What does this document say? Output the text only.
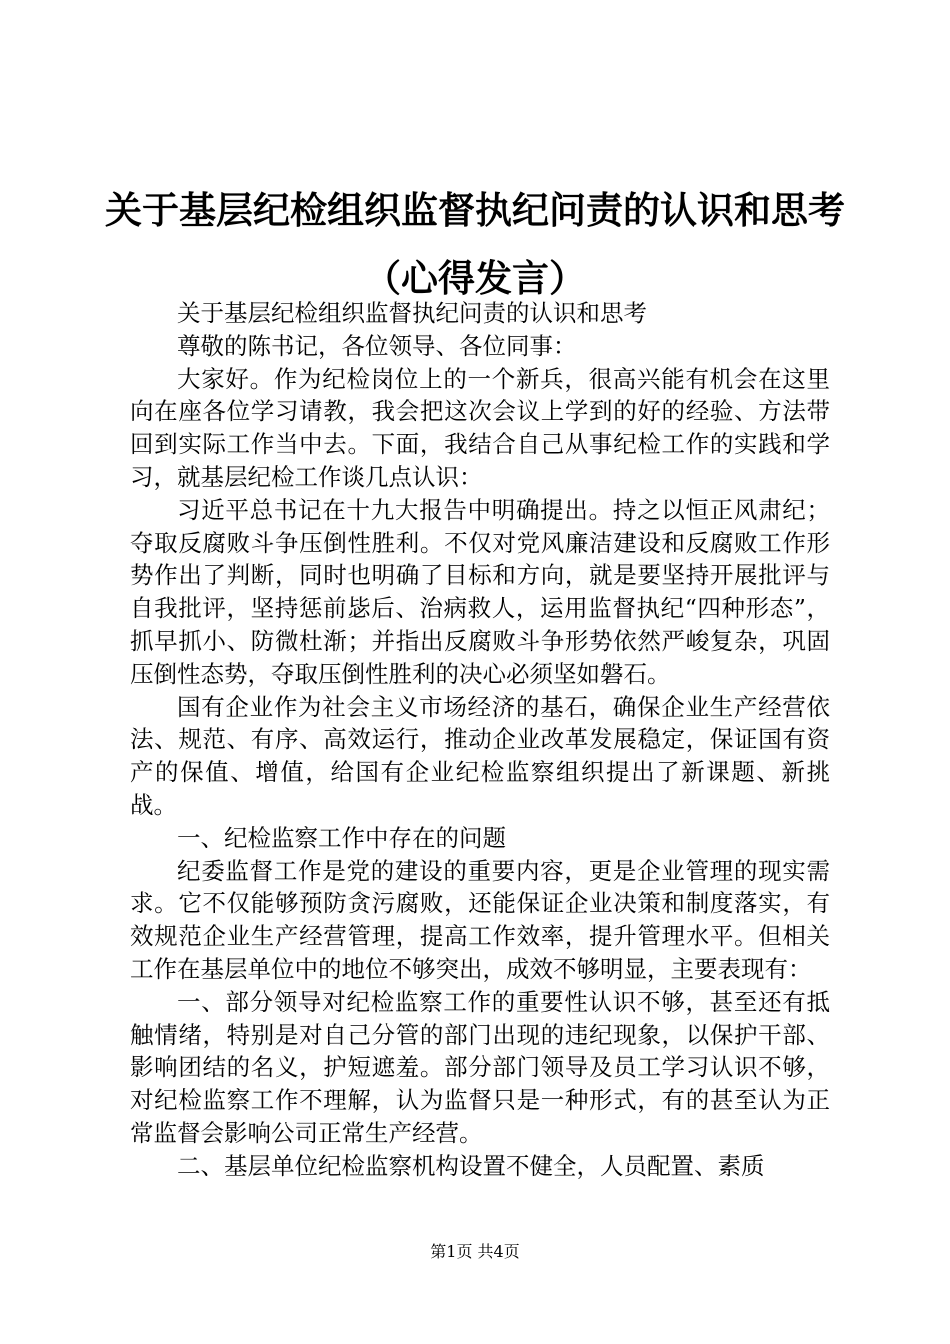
关于基层纪检组织监督执纪问责的认识和思考
（心得发言）

关于基层纪检组织监督执纪问责的认识和思考

尊敬的陈书记，各位领导、各位同事：

大家好。作为纪检岗位上的一个新兵，很高兴能有机会在这里向在座各位学习请教，我会把这次会议上学到的好的经验、方法带回到实际工作当中去。下面，我结合自己从事纪检工作的实践和学习，就基层纪检工作谈几点认识：

习近平总书记在十九大报告中明确提出。持之以恒正风肃纪；夺取反腐败斗争压倒性胜利。不仅对党风廉洁建设和反腐败工作形势作出了判断，同时也明确了目标和方向，就是要坚持开展批评与自我批评，坚持惩前毖后、治病救人，运用监督执纪“四种形态”，抓早抓小、防微杜渐；并指出反腐败斗争形势依然严峻复杂，巩固压倒性态势，夺取压倒性胜利的决心必须坚如磐石。

国有企业作为社会主义市场经济的基石，确保企业生产经营依法、规范、有序、高效运行，推动企业改革发展稳定，保证国有资产的保值、增值，给国有企业纪检监察组织提出了新课题、新挑战。

一、纪检监察工作中存在的问题

纪委监督工作是党的建设的重要内容，更是企业管理的现实需求。它不仅能够预防贪污腐败，还能保证企业决策和制度落实，有效规范企业生产经营管理，提高工作效率，提升管理水平。但相关工作在基层单位中的地位不够突出，成效不够明显，主要表现有：

一、部分领导对纪检监察工作的重要性认识不够，甚至还有抵触情绪，特别是对自己分管的部门出现的违纪现象，以保护干部、影响团结的名义，护短遮羞。部分部门领导及员工学习认识不够，对纪检监察工作不理解，认为监督只是一种形式，有的甚至认为正常监督会影响公司正常生产经营。

二、基层单位纪检监察机构设置不健全，人员配置、素质

第1页 共4页
